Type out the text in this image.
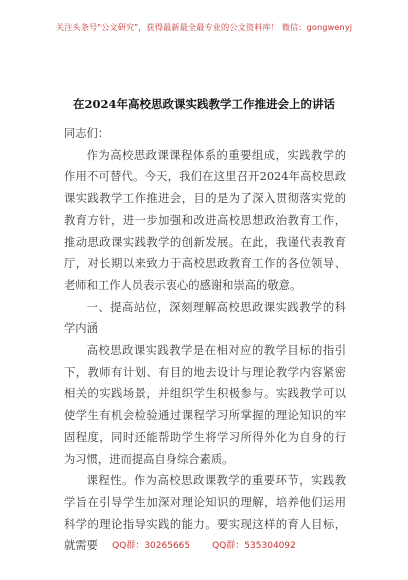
关注头条号"公文研究"，获得最新最全最专业的公文资料库！ 微信：gongwenyj
在2024年高校思政课实践教学工作推进会上的讲话

同志们：

作为高校思政课课程体系的重要组成，实践教学的作用不可替代。今天，我们在这里召开2024年高校思政课实践教学工作推进会，目的是为了深入贯彻落实党的教育方针，进一步加强和改进高校思想政治教育工作，推动思政课实践教学的创新发展。在此，我谨代表教育厅，对长期以来致力于高校思政教育工作的各位领导、老师和工作人员表示衷心的感谢和崇高的敬意。

一、提高站位，深刻理解高校思政课实践教学的科学内涵

高校思政课实践教学是在相对应的教学目标的指引下，教师有计划、有目的地去设计与理论教学内容紧密相关的实践场景，并组织学生积极参与。实践教学可以使学生有机会检验通过课程学习所掌握的理论知识的牢固程度，同时还能帮助学生将学习所得外化为自身的行为习惯，进而提高自身综合素质。

课程性。作为高校思政课教学的重要环节，实践教学旨在引导学生加深对理论知识的理解，培养他们运用科学的理论指导实践的能力。要实现这样的育人目标，就需要	QQ群：30265665 QQ群：535304092
